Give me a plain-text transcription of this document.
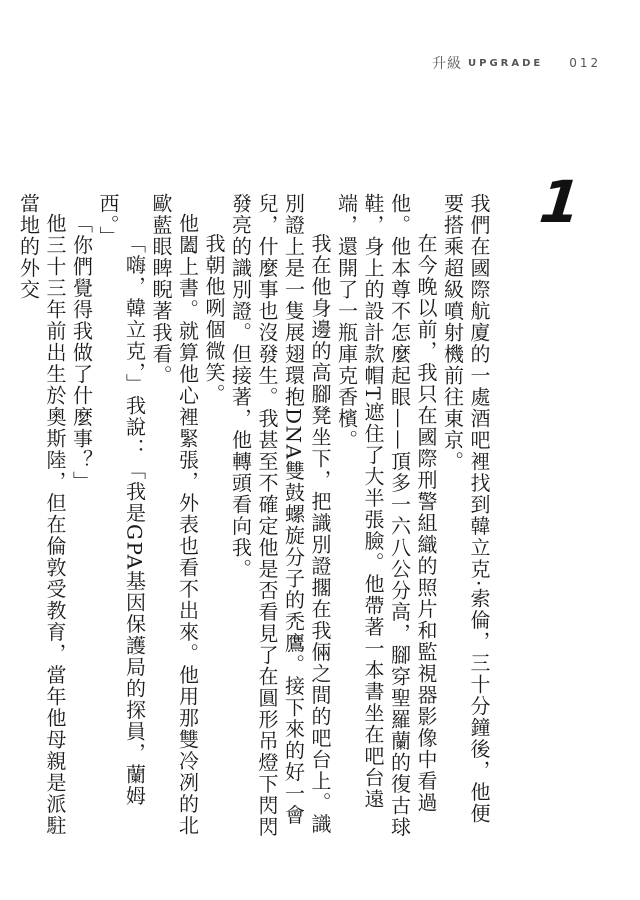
升級 UPGRADE 012
1

我們在國際航廈的一處酒吧裡找到韓立克·索倫，三十分鐘後，他便要搭乘超級噴射機前往東京。

在今晚以前，我只在國際刑警組織的照片和監視器影像中看過他。他本尊不怎麼起眼——頂多一六八公分高，腳穿聖羅蘭的復古球鞋，身上的設計款帽T遮住了大半張臉。他帶著一本書坐在吧台遠端，還開了一瓶庫克香檳。

我在他身邊的高腳凳坐下，把識別證擱在我倆之間的吧台上。識別證上是一隻展翅環抱DNA雙鼓螺旋分子的禿鷹。接下來的好一會兒，什麼事也沒發生。我甚至不確定他是否看見了在圓形吊燈下閃閃發亮的識別證。但接著，他轉頭看向我。

我朝他咧個微笑。

他闔上書。就算他心裡緊張，外表也看不出來。他用那雙冷冽的北歐藍眼睥睨著我看。

「嗨，韓立克，」我說：「我是GPA基因保護局的探員，蘭姆西。」

「你們覺得我做了什麼事？」

他三十三年前出生於奧斯陸，但在倫敦受教育，當年他母親是派駐當地的外交
